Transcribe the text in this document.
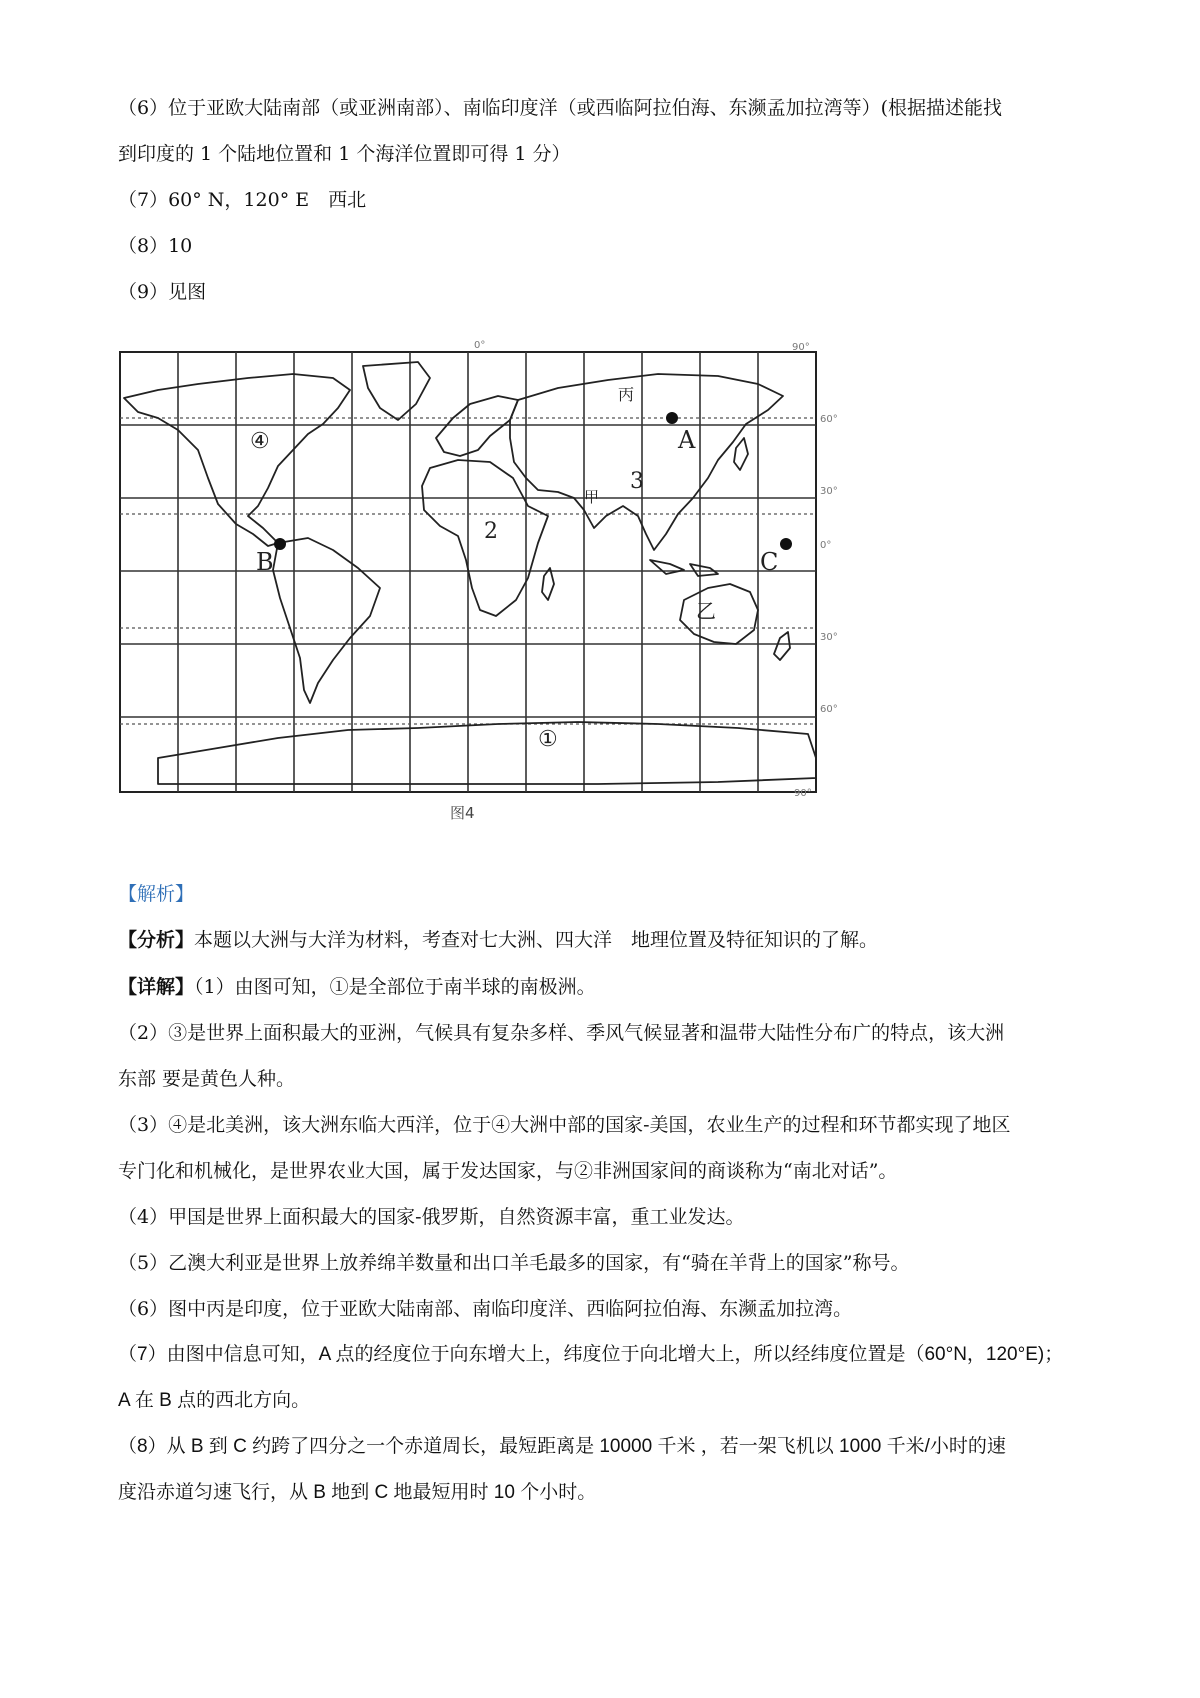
（6）位于亚欧大陆南部（或亚洲南部）、南临印度洋（或西临阿拉伯海、东濒孟加拉湾等）(根据描述能找
到印度的 1 个陆地位置和 1 个海洋位置即可得 1 分）
（7）60° N，120° E　西北
（8）10
（9）见图
0°
①
2
3
④
甲
乙
丙
A
B	C
90°
60°
30°
0°
30°
60°
90°
图4
【解析】
【分析】本题以大洲与大洋为材料，考查对七大洲、四大洋　地理位置及特征知识的了解。
【详解】（1）由图可知，①是全部位于南半球的南极洲。
（2）③是世界上面积最大的亚洲，气候具有复杂多样、季风气候显著和温带大陆性分布广的特点，该大洲
东部 要是黄色人种。
（3）④是北美洲，该大洲东临大西洋，位于④大洲中部的国家-美国，农业生产的过程和环节都实现了地区
专门化和机械化，是世界农业大国，属于发达国家，与②非洲国家间的商谈称为“南北对话”。
（4）甲国是世界上面积最大的国家-俄罗斯，自然资源丰富，重工业发达。
（5）乙澳大利亚是世界上放养绵羊数量和出口羊毛最多的国家，有“骑在羊背上的国家”称号。
（6）图中丙是印度，位于亚欧大陆南部、南临印度洋、西临阿拉伯海、东濒孟加拉湾。
（7）由图中信息可知，A 点的经度位于向东增大上，纬度位于向北增大上，所以经纬度位置是（60°N，120°E)；
A 在 B 点的西北方向。
（8）从 B 到 C 约跨了四分之一个赤道周长，最短距离是 10000 千米 ，若一架飞机以 1000 千米/小时的速
度沿赤道匀速飞行，从 B 地到 C 地最短用时 10 个小时。
